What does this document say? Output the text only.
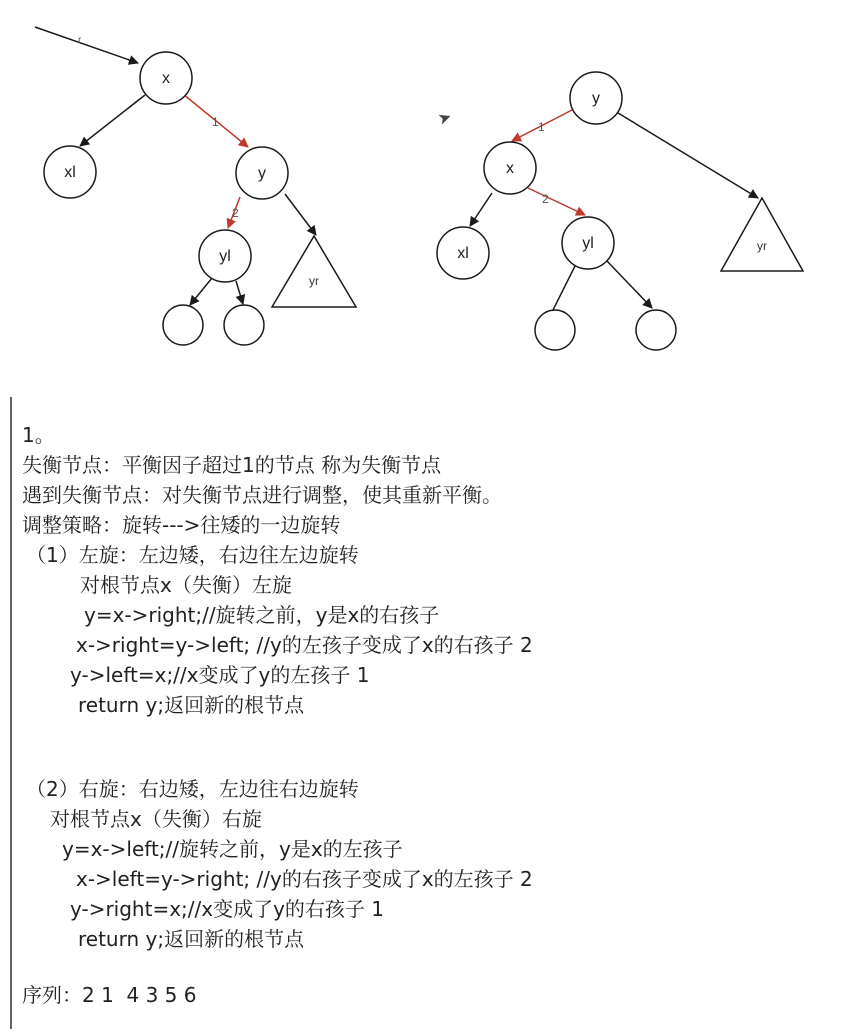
r
1
2
x
xl	y
yl
yr
1
2
y
x
xl
yl	yr
➤
1。
失衡节点：平衡因子超过1的节点 称为失衡节点
遇到失衡节点：对失衡节点进行调整，使其重新平衡。
调整策略：旋转--->往矮的一边旋转
（1）左旋：左边矮，右边往左边旋转
对根节点x（失衡）左旋
y=x->right;//旋转之前，y是x的右孩子
x->right=y->left; //y的左孩子变成了x的右孩子 2
y->left=x;//x变成了y的左孩子 1
return y;返回新的根节点
（2）右旋：右边矮，左边往右边旋转
对根节点x（失衡）右旋
y=x->left;//旋转之前，y是x的左孩子
x->left=y->right; //y的右孩子变成了x的左孩子 2
y->right=x;//x变成了y的右孩子 1
return y;返回新的根节点
序列：2 1  4 3 5 6
